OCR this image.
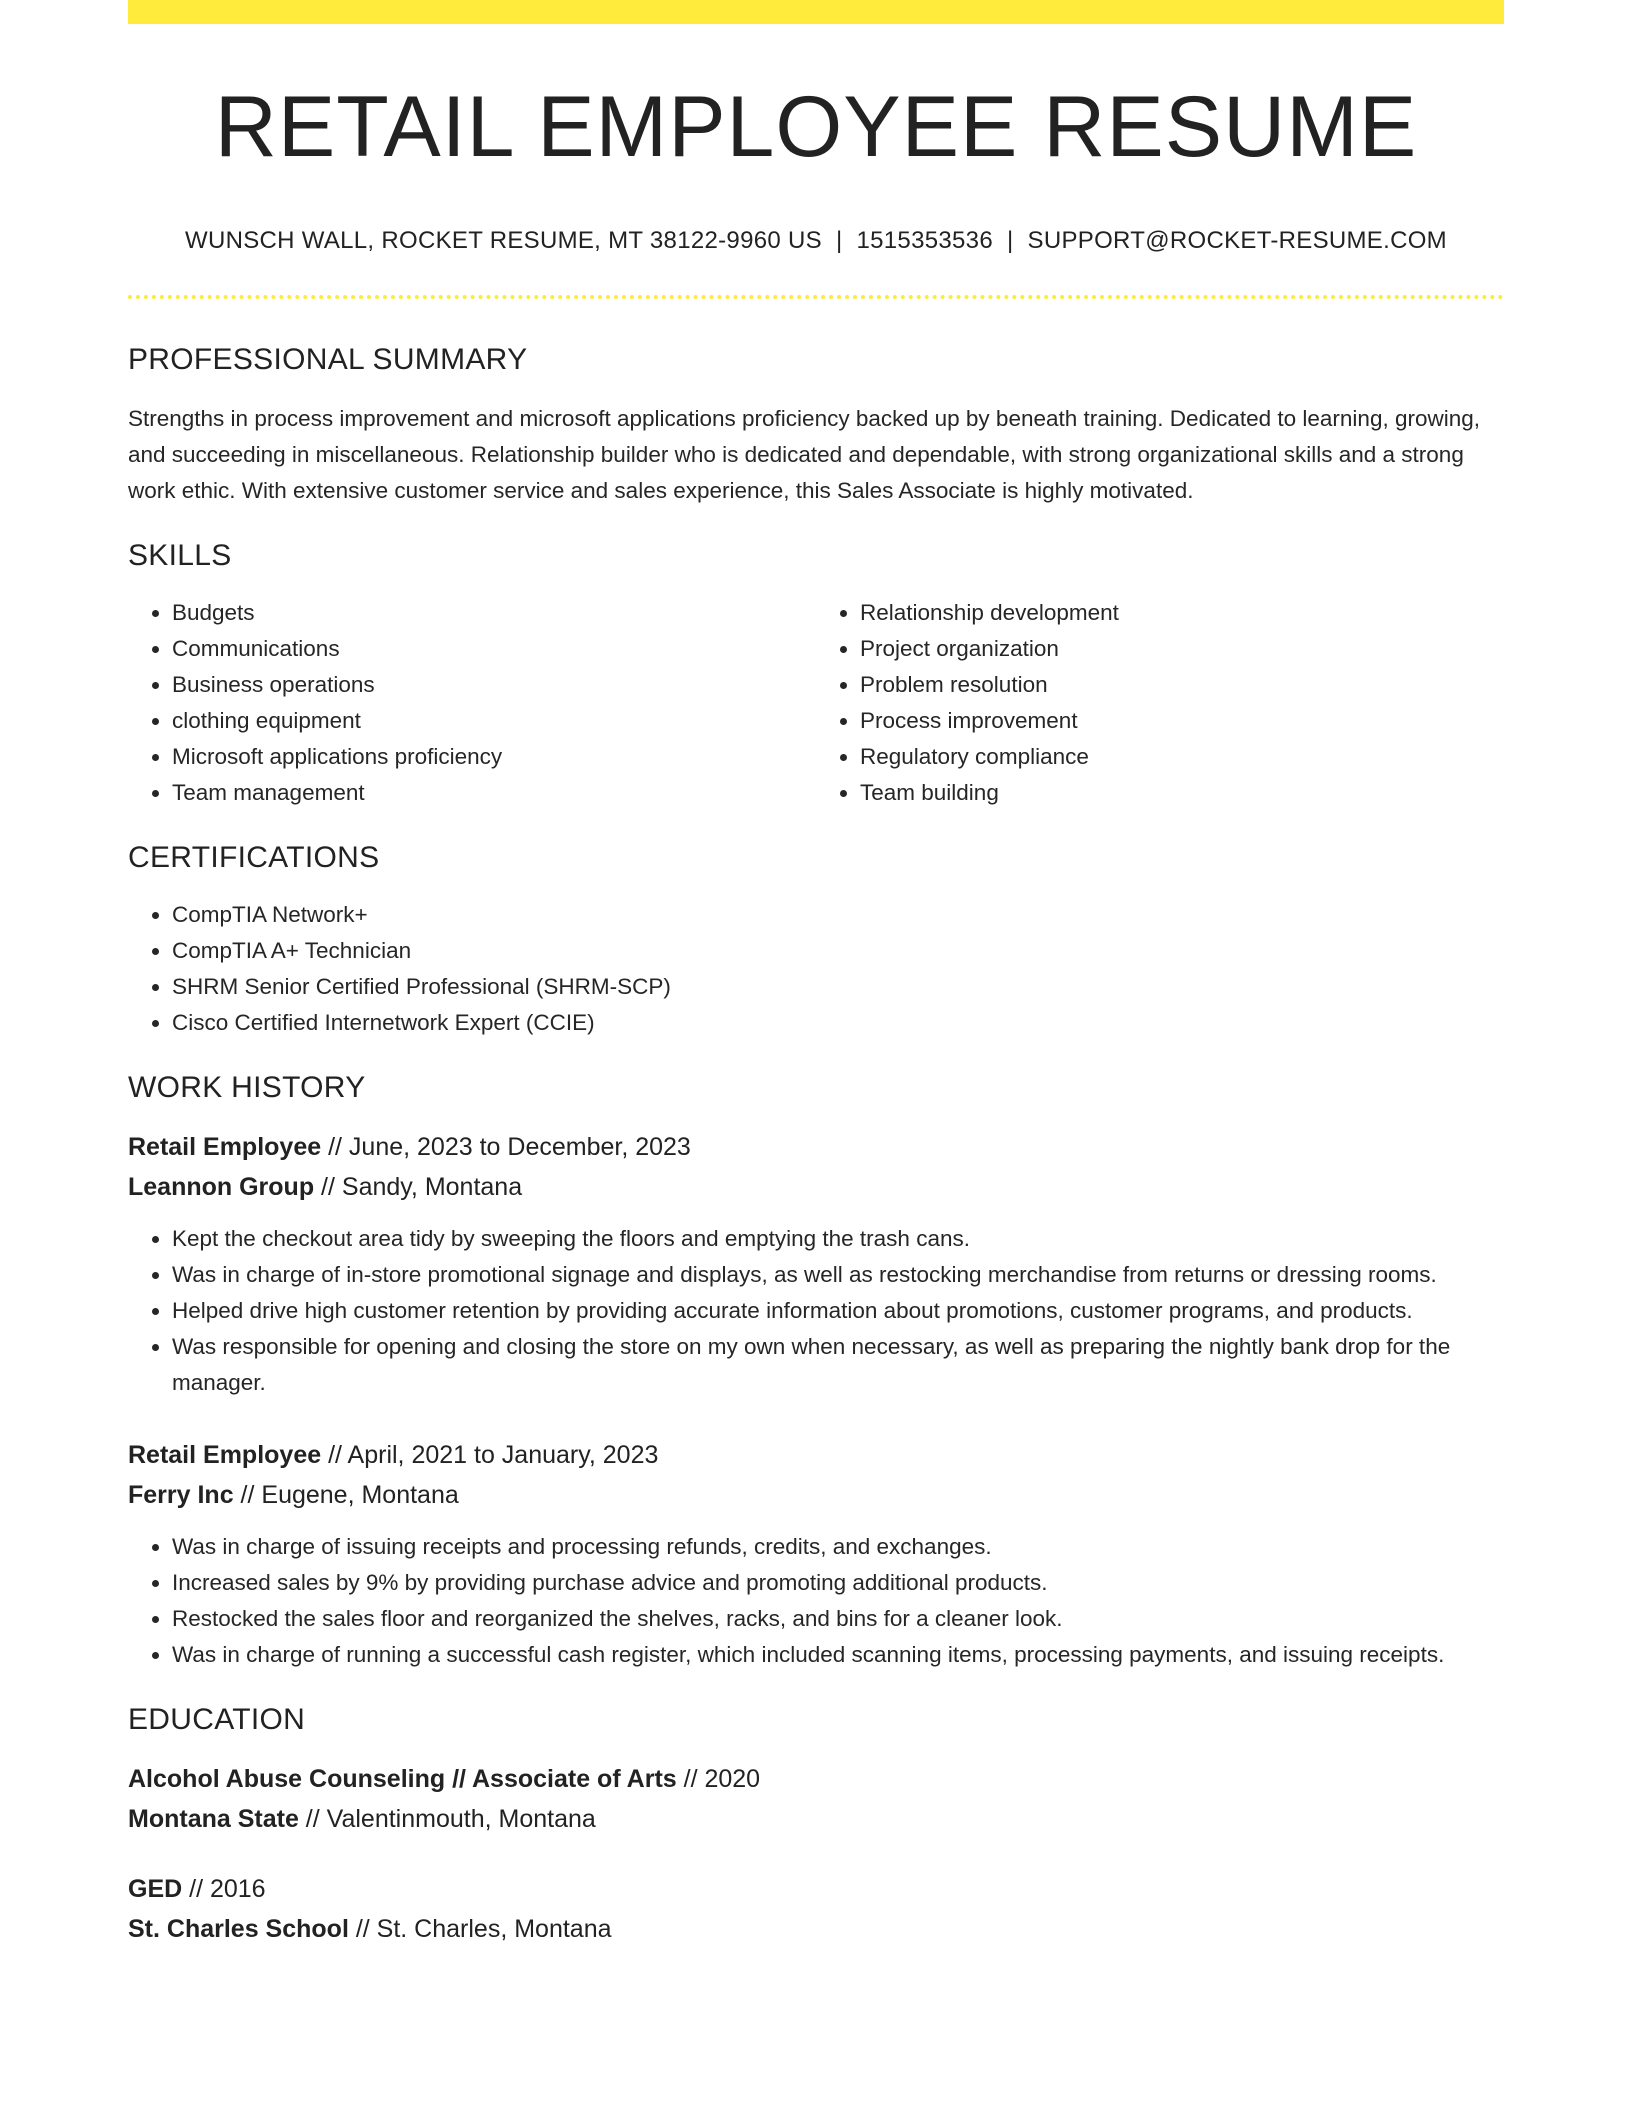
RETAIL EMPLOYEE RESUME
WUNSCH WALL, ROCKET RESUME, MT 38122-9960 US | 1515353536 | SUPPORT@ROCKET-RESUME.COM
PROFESSIONAL SUMMARY

Strengths in process improvement and microsoft applications proficiency backed up by beneath training. Dedicated to learning, growing, and succeeding in miscellaneous. Relationship builder who is dedicated and dependable, with strong organizational skills and a strong work ethic. With extensive customer service and sales experience, this Sales Associate is highly motivated.

SKILLS
• Budgets
• Communications
• Business operations
• clothing equipment
• Microsoft applications proficiency
• Team management
• Relationship development
• Project organization
• Problem resolution
• Process improvement
• Regulatory compliance
• Team building
CERTIFICATIONS
• CompTIA Network+
• CompTIA A+ Technician
• SHRM Senior Certified Professional (SHRM-SCP)
• Cisco Certified Internetwork Expert (CCIE)
WORK HISTORY
Retail Employee // June, 2023 to December, 2023
Leannon Group // Sandy, Montana
• Kept the checkout area tidy by sweeping the floors and emptying the trash cans.
• Was in charge of in-store promotional signage and displays, as well as restocking merchandise from returns or dressing rooms.
• Helped drive high customer retention by providing accurate information about promotions, customer programs, and products.
• Was responsible for opening and closing the store on my own when necessary, as well as preparing the nightly bank drop for the manager.
Retail Employee // April, 2021 to January, 2023
Ferry Inc // Eugene, Montana
• Was in charge of issuing receipts and processing refunds, credits, and exchanges.
• Increased sales by 9% by providing purchase advice and promoting additional products.
• Restocked the sales floor and reorganized the shelves, racks, and bins for a cleaner look.
• Was in charge of running a successful cash register, which included scanning items, processing payments, and issuing receipts.
EDUCATION
Alcohol Abuse Counseling // Associate of Arts // 2020
Montana State // Valentinmouth, Montana
GED // 2016
St. Charles School // St. Charles, Montana
